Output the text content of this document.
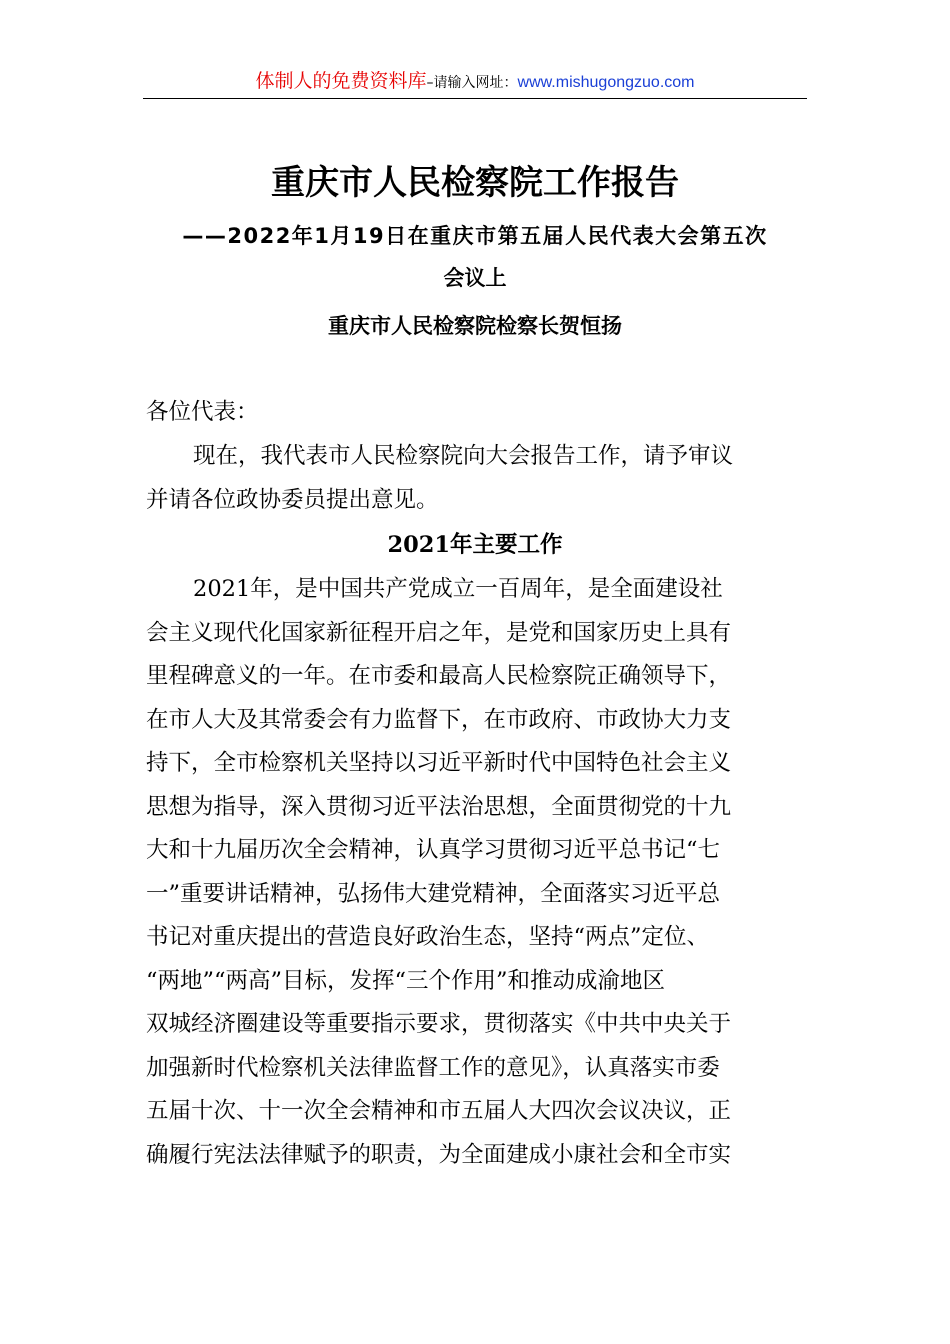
体制人的免费资料库–请输入网址：www.mishugongzuo.com
重庆市人民检察院工作报告
——2022年1月19日在重庆市第五届人民代表大会第五次
会议上
重庆市人民检察院检察长贺恒扬
各位代表：
现在，我代表市人民检察院向大会报告工作，请予审议
并请各位政协委员提出意见。
2021年主要工作
2021年，是中国共产党成立一百周年，是全面建设社
会主义现代化国家新征程开启之年，是党和国家历史上具有
里程碑意义的一年。在市委和最高人民检察院正确领导下，
在市人大及其常委会有力监督下，在市政府、市政协大力支
持下，全市检察机关坚持以习近平新时代中国特色社会主义
思想为指导，深入贯彻习近平法治思想，全面贯彻党的十九
大和十九届历次全会精神，认真学习贯彻习近平总书记“七
一”重要讲话精神，弘扬伟大建党精神，全面落实习近平总
书记对重庆提出的营造良好政治生态，坚持“两点”定位、
“两地”“两高”目标，发挥“三个作用”和推动成渝地区
双城经济圈建设等重要指示要求，贯彻落实《中共中央关于
加强新时代检察机关法律监督工作的意见》，认真落实市委
五届十次、十一次全会精神和市五届人大四次会议决议，正
确履行宪法法律赋予的职责，为全面建成小康社会和全市实
